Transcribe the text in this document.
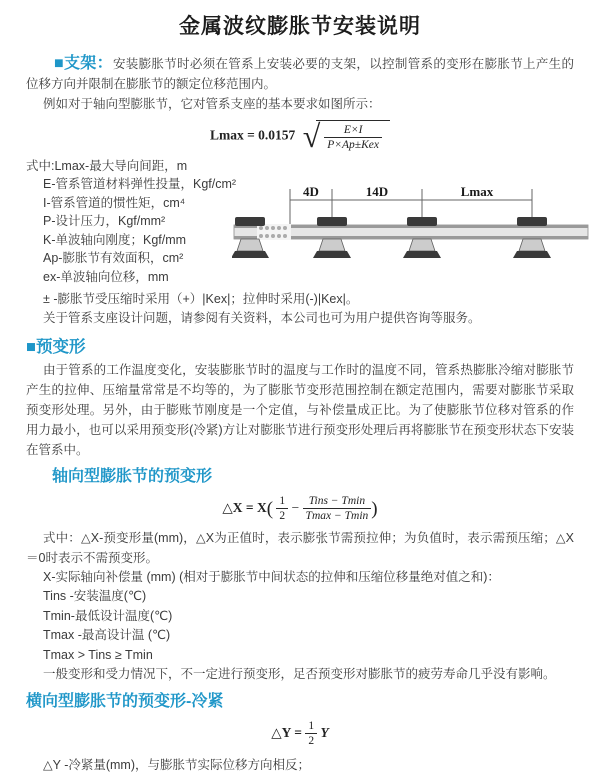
金属波纹膨胀节安装说明

■支架：安装膨胀节时必须在管系上安装必要的支架，以控制管系的变形在膨胀节上产生的位移方向并限制在膨胀节的额定位移范围内。

例如对于轴向型膨胀节，它对管系支座的基本要求如图所示：

Lmax = 0.0157 √ $\frac{E\times I}{\text{P×Ap±Kex}}$
式中:Lmax-最大导向间距，m
E-管系管道材料弹性投量，Kgf/cm²
I-管系管道的惯性矩，cm⁴
P-设计压力，Kgf/mm²
K-单波轴向刚度；Kgf/mm
Ap-膨胀节有效面积，cm²
ex-单波轴向位移，mm
4D	14D	Lmax
± -膨胀节受压缩时采用（+）|Kex|；拉伸时采用(-)|Kex|。
关于管系支座设计问题，请参阅有关资料，本公司也可为用户提供咨询等服务。
■预变形

由于管系的工作温度变化，安装膨胀节时的温度与工作时的温度不同，管系热膨胀冷缩对膨胀节产生的拉伸、压缩量常常是不均等的，为了膨胀节变形范围控制在额定范围内，需要对膨胀节采取预变形处理。另外，由于膨账节刚度是一个定值，与补偿量成正比。为了使膨胀节位移对管系的作用力最小，也可以采用预变形(冷紧)方让对膨胀节进行预变形处理后再将膨胀节在预变形状态下安装在管系中。

轴向型膨胀节的预变形
△X = $X( \frac{1}{2} - \frac{\text{Tins − Tmin}}{Tmax - Tmin}$ )

式中：△X-预变形量(mm)，△X为正值时，表示膨张节需预拉伸；为负值时，表示需预压缩；△X＝0时表示不需预变形。

X-实际轴向补偿量 (mm) (相对于膨胀节中间状态的拉伸和压缩位移量绝对值之和)：
Tins -安装温度(℃)
Tmin-最低设计温度(℃)
Tmax -最高设计温 (℃)
Tmax > Tins ≥ Tmin
一般变形和受力情况下，不一定进行预变形，足否预变形对膨胀节的疲劳寿命几乎没有影响。
横向型膨胀节的预变形-冷紧
△Y = $\frac{1}{2}$ Y
△Y -冷紧量(mm)，与膨胀节实际位移方向相反；
